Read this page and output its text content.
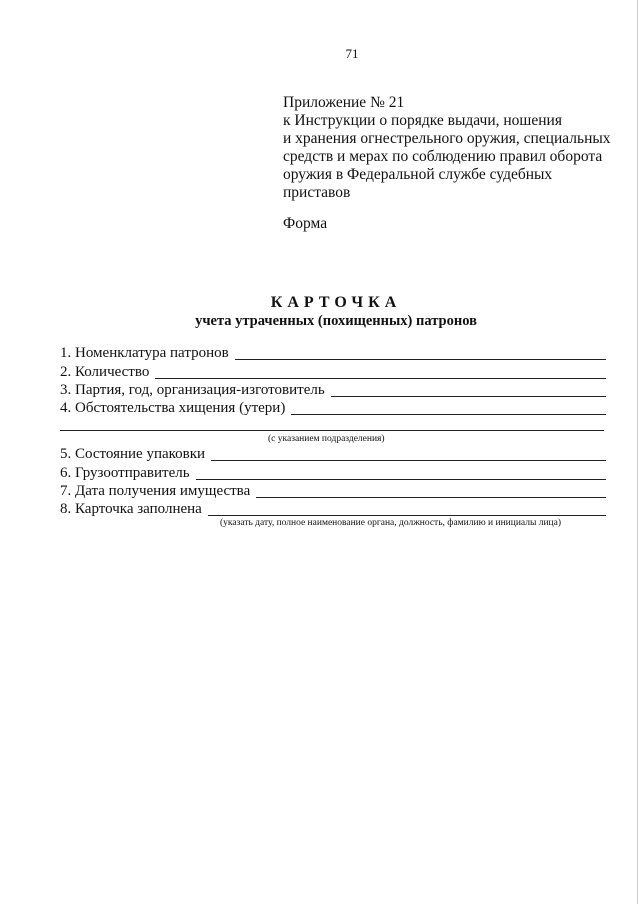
71
Приложение № 21
к Инструкции о порядке выдачи, ношения
и хранения огнестрельного оружия, специальных
средств и мерах по соблюдению правил оборота
оружия в Федеральной службе судебных
приставов
Форма
КАРТОЧКА
учета утраченных (похищенных) патронов
1. Номенклатура патронов
2. Количество
3. Партия, год, организация-изготовитель
4. Обстоятельства хищения (утери)
(с указанием подразделения)
5. Состояние упаковки
6. Грузоотправитель
7. Дата получения имущества
8. Карточка заполнена
(указать дату, полное наименование органа, должность, фамилию и инициалы лица)
